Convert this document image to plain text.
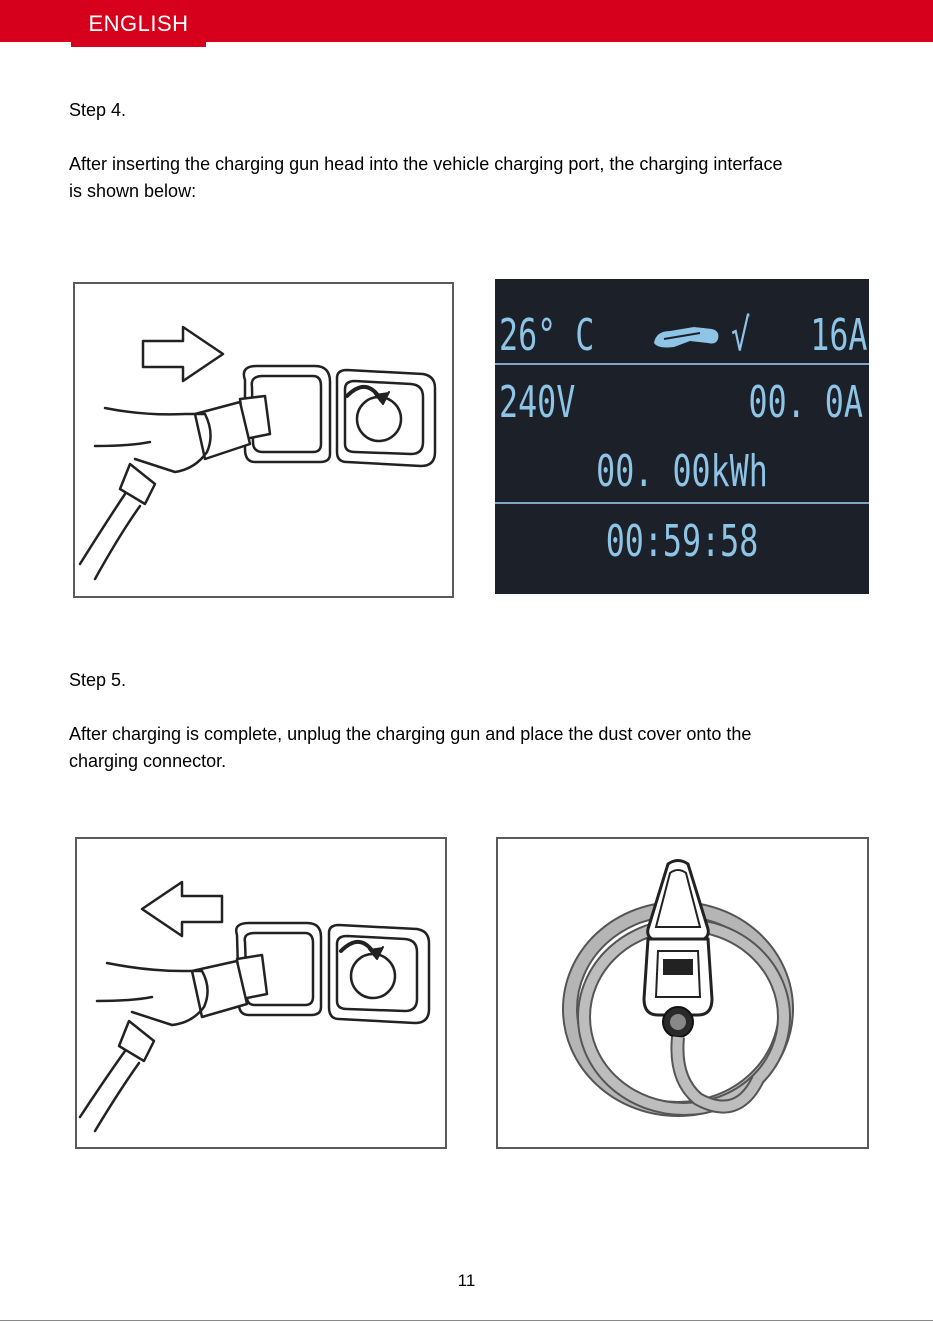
ENGLISH
Step 4.
After inserting the charging gun head into the vehicle charging port, the charging interface
is shown below:
26° C	√ 16A
240V	00. 0A
00. 00kWh
00:59:58
Step 5.
After charging is complete, unplug the charging gun and place the dust cover onto the
charging connector.
11
